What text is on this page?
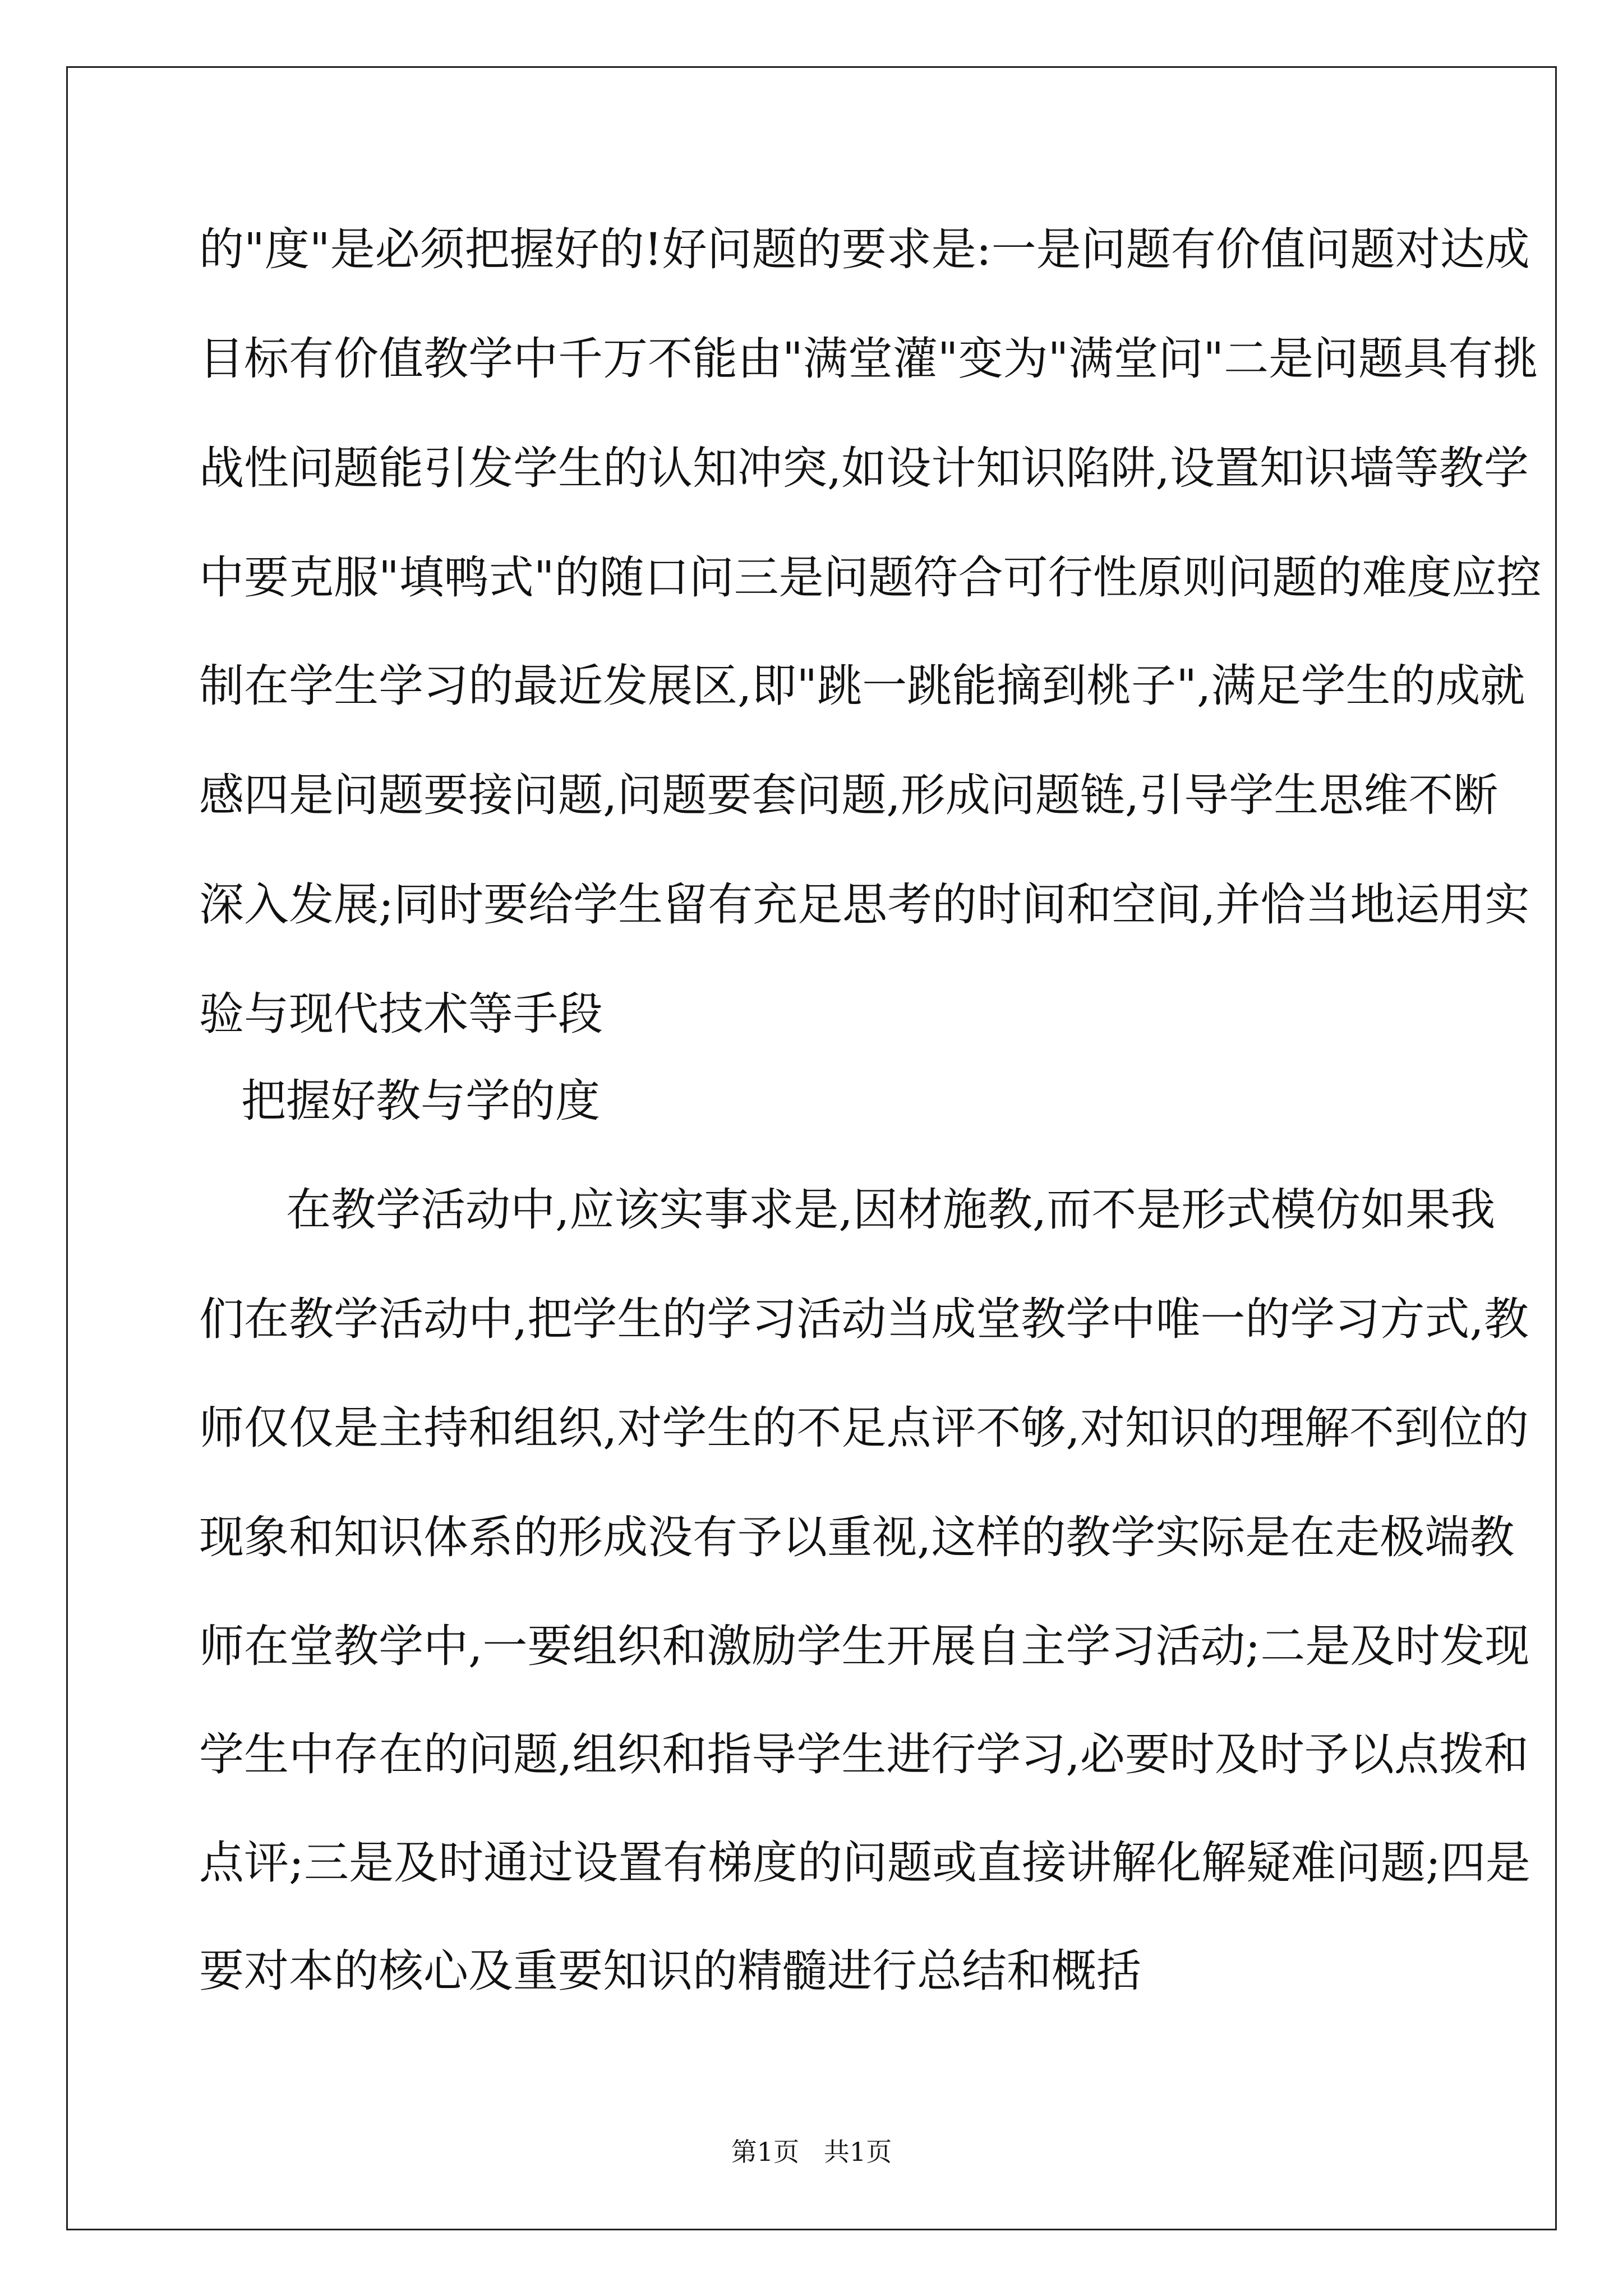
的"度"是必须把握好的!好问题的要求是:一是问题有价值问题对达成
目标有价值教学中千万不能由"满堂灌"变为"满堂问"二是问题具有挑
战性问题能引发学生的认知冲突,如设计知识陷阱,设置知识墙等教学
中要克服"填鸭式"的随口问三是问题符合可行性原则问题的难度应控
制在学生学习的最近发展区,即"跳一跳能摘到桃子",满足学生的成就
感四是问题要接问题,问题要套问题,形成问题链,引导学生思维不断
深入发展;同时要给学生留有充足思考的时间和空间,并恰当地运用实
验与现代技术等手段
把握好教与学的度
在教学活动中,应该实事求是,因材施教,而不是形式模仿如果我
们在教学活动中,把学生的学习活动当成堂教学中唯一的学习方式,教
师仅仅是主持和组织,对学生的不足点评不够,对知识的理解不到位的
现象和知识体系的形成没有予以重视,这样的教学实际是在走极端教
师在堂教学中,一要组织和激励学生开展自主学习活动;二是及时发现
学生中存在的问题,组织和指导学生进行学习,必要时及时予以点拨和
点评;三是及时通过设置有梯度的问题或直接讲解化解疑难问题;四是
要对本的核心及重要知识的精髓进行总结和概括
第1页   共1页
